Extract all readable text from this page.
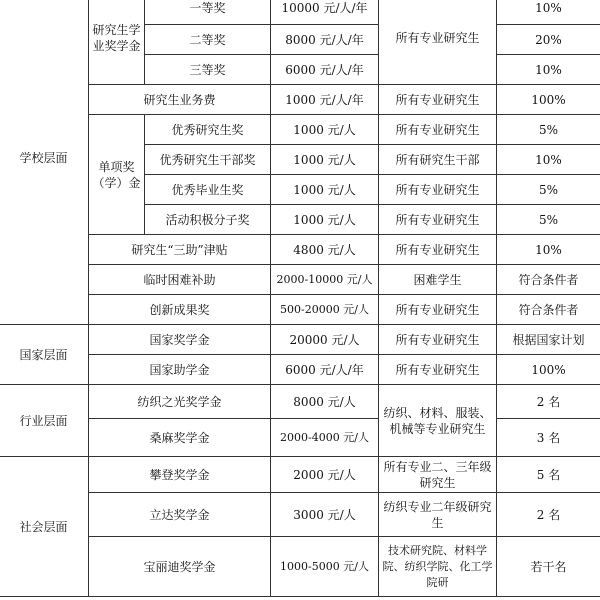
学校层面	研究生学业奖学金	一等奖	10000 元/人/年	所有专业研究生	10%
		二等奖	8000 元/人/年		20%
		三等奖	6000 元/人/年		10%
	研究生业务费		1000 元/人/年	所有专业研究生	100%
	单项奖（学）金	优秀研究生奖	1000 元/人	所有专业研究生	5%
		优秀研究生干部奖	1000 元/人	所有研究生干部	10%
		优秀毕业生奖	1000 元/人	所有专业研究生	5%
		活动积极分子奖	1000 元/人	所有专业研究生	5%
	研究生“三助”津贴		4800 元/人	所有专业研究生	10%
	临时困难补助		2000-10000 元/人	困难学生	符合条件者
	创新成果奖		500-20000 元/人	所有专业研究生	符合条件者
国家层面	国家奖学金		20000 元/人	所有专业研究生	根据国家计划
	国家助学金		6000 元/人/年	所有专业研究生	100%
行业层面	纺织之光奖学金		8000 元/人	纺织、材料、服装、机械等专业研究生	2 名
	桑麻奖学金		2000-4000 元/人		3 名
社会层面	攀登奖学金		2000 元/人	所有专业二、三年级研究生	5 名
	立达奖学金		3000 元/人	纺织专业二年级研究生	2 名
	宝丽迪奖学金		1000-5000 元/人	技术研究院、材料学院、纺织学院、化工学院研	若干名
